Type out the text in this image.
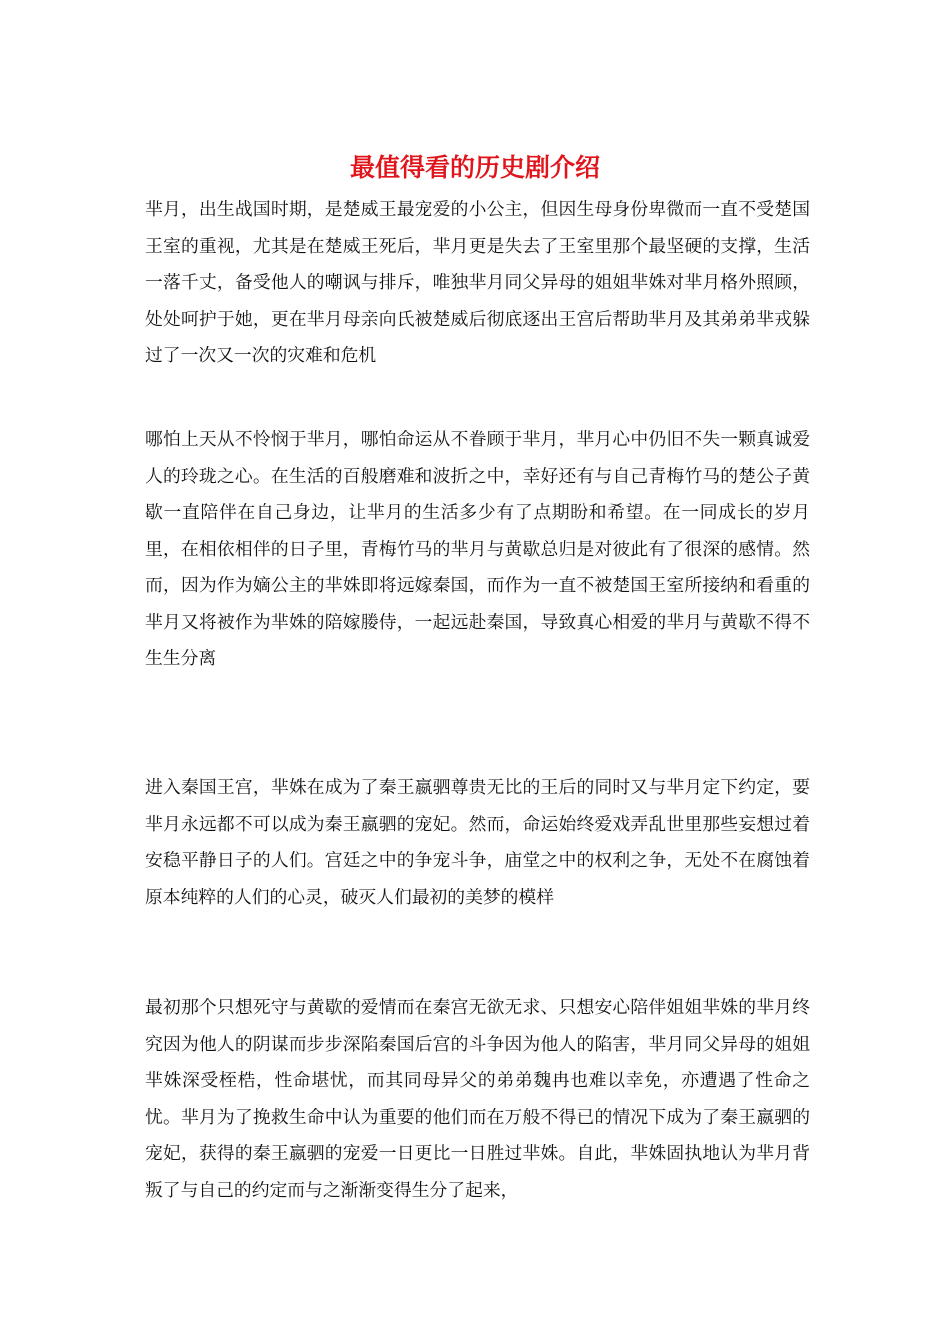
最值得看的历史剧介绍

芈月，出生战国时期，是楚威王最宠爱的小公主，但因生母身份卑微而一直不受楚国王室的重视，尤其是在楚威王死后，芈月更是失去了王室里那个最坚硬的支撑，生活一落千丈，备受他人的嘲讽与排斥，唯独芈月同父异母的姐姐芈姝对芈月格外照顾，处处呵护于她，更在芈月母亲向氏被楚威后彻底逐出王宫后帮助芈月及其弟弟芈戎躲过了一次又一次的灾难和危机

哪怕上天从不怜悯于芈月，哪怕命运从不眷顾于芈月，芈月心中仍旧不失一颗真诚爱人的玲珑之心。在生活的百般磨难和波折之中，幸好还有与自己青梅竹马的楚公子黄歇一直陪伴在自己身边，让芈月的生活多少有了点期盼和希望。在一同成长的岁月里，在相依相伴的日子里，青梅竹马的芈月与黄歇总归是对彼此有了很深的感情。然而，因为作为嫡公主的芈姝即将远嫁秦国，而作为一直不被楚国王室所接纳和看重的芈月又将被作为芈姝的陪嫁媵侍，一起远赴秦国，导致真心相爱的芈月与黄歇不得不生生分离

进入秦国王宫，芈姝在成为了秦王嬴驷尊贵无比的王后的同时又与芈月定下约定，要芈月永远都不可以成为秦王嬴驷的宠妃。然而，命运始终爱戏弄乱世里那些妄想过着安稳平静日子的人们。宫廷之中的争宠斗争，庙堂之中的权利之争，无处不在腐蚀着原本纯粹的人们的心灵，破灭人们最初的美梦的模样

最初那个只想死守与黄歇的爱情而在秦宫无欲无求、只想安心陪伴姐姐芈姝的芈月终究因为他人的阴谋而步步深陷秦国后宫的斗争因为他人的陷害，芈月同父异母的姐姐芈姝深受桎梏，性命堪忧，而其同母异父的弟弟魏冉也难以幸免，亦遭遇了性命之忧。芈月为了挽救生命中认为重要的他们而在万般不得已的情况下成为了秦王嬴驷的宠妃，获得的秦王嬴驷的宠爱一日更比一日胜过芈姝。自此，芈姝固执地认为芈月背叛了与自己的约定而与之渐渐变得生分了起来，
